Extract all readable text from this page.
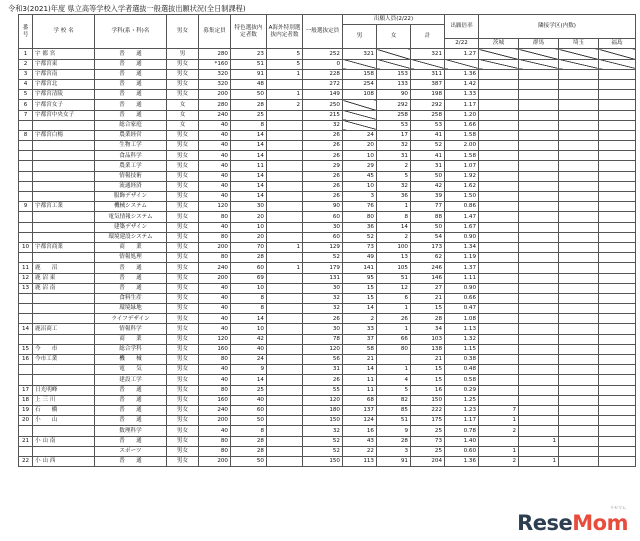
令和3(2021)年度 県立高等学校入学者選抜一般選抜出願状況(全日制課程)
番号	学 校 名	学科(系・科)名	男女	募集定員	特色選抜内定者数	A海外特別選抜内定者数	一般選抜定員	出願人員(2/22)			出願倍率	隣接学区(内数)			
								男	女	計					
											2/22	茨城	群馬	埼玉	福島
1	宇 都 宮	普　　通	男	280	23	5	252	321		321	1.27				
2	宇都宮東	普　　通	男女	*160	51	5	0								
3	宇都宮南	普　　通	男女	320	91	1	228	158	153	311	1.36				
4	宇都宮北	普　　通	男女	320	48		272	254	133	387	1.42				
5	宇都宮清陵	普　　通	男女	200	50	1	149	108	90	198	1.33				
6	宇都宮女子	普　　通	女	280	28	2	250		292	292	1.17				
7	宇都宮中央女子	普　　通	女	240	25		215		258	258	1.20				
		総合家庭	女	40	8		32		53	53	1.66				
8	宇都宮白楊	農業経営	男女	40	14		26	24	17	41	1.58				
		生物工学	男女	40	14		26	20	32	52	2.00				
		食品科学	男女	40	14		26	10	31	41	1.58				
		農業工学	男女	40	11		29	29	2	31	1.07				
		情報技術	男女	40	14		26	45	5	50	1.92				
		流通経済	男女	40	14		26	10	32	42	1.62				
		服飾デザイン	男女	40	14		26	3	36	39	1.50				
9	宇都宮工業	機械システム	男女	120	30		90	76	1	77	0.86				
		電気情報システム	男女	80	20		60	80	8	88	1.47				
		建築デザイン	男女	40	10		30	36	14	50	1.67				
		環境建設システム	男女	80	20		60	52	2	54	0.90				
10	宇都宮商業	商　　業	男女	200	70	1	129	73	100	173	1.34				
		情報処理	男女	80	28		52	49	13	62	1.19				
11	鹿　　沼	普　　通	男女	240	60	1	179	141	105	246	1.37				
12	鹿 沼 東	普　　通	男女	200	69		131	95	51	146	1.11				
13	鹿 沼 南	普　　通	男女	40	10		30	15	12	27	0.90				
		食料生産	男女	40	8		32	15	6	21	0.66				
		環境緑地	男女	40	8		32	14	1	15	0.47				
		ライフデザイン	男女	40	14		26	2	26	28	1.08				
14	鹿沼商工	情報科学	男女	40	10		30	33	1	34	1.13				
		商　　業	男女	120	42		78	37	66	103	1.32				
15	今　　市	総合学科	男女	160	40		120	58	80	138	1.15				
16	今市工業	機　　械	男女	80	24		56	21		21	0.38				
		電　　気	男女	40	9		31	14	1	15	0.48				
		建設工学	男女	40	14		26	11	4	15	0.58				
17	日光明峰	普　　通	男女	80	25		55	11	5	16	0.29				
18	上 三 川	普　　通	男女	160	40		120	68	82	150	1.25				
19	石　　橋	普　　通	男女	240	60		180	137	85	222	1.23	7			
20	小　　山	普　　通	男女	200	50		150	124	51	175	1.17	1			
		数理科学	男女	40	8		32	16	9	25	0.78	2			
21	小 山 南	普　　通	男女	80	28		52	43	28	73	1.40		1		
		スポーツ	男女	80	28		52	22	3	25	0.60	1			
22	小 山 西	普　　通	男女	200	50		150	113	91	204	1.36	2	1		
リセマム
ReseMom
